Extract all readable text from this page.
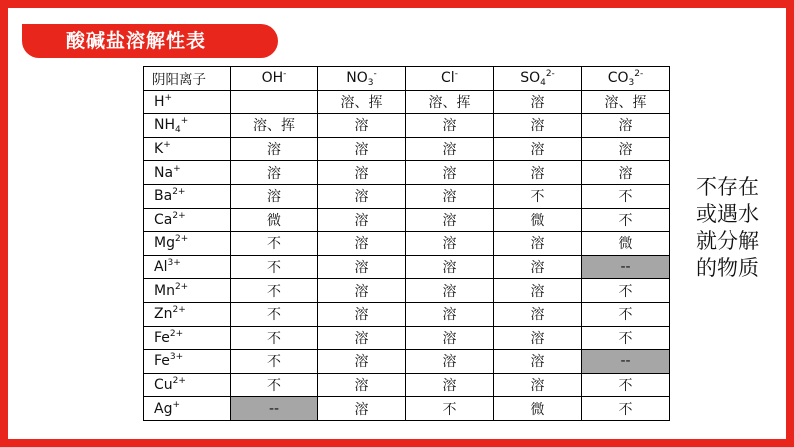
酸碱盐溶解性表
阴阳离子	OH-	$NO_3^-$	Cl-	$SO_4^{2-}$	$CO_3^{2-}$
H+		溶、挥	溶、挥	溶	溶、挥
$NH_4^+$	溶、挥	溶	溶	溶	溶
K+	溶	溶	溶	溶	溶
Na+	溶	溶	溶	溶	溶
$Ba^{2+}$	溶	溶	溶	不	不
$Ca^{2+}$	微	溶	溶	微	不
$Mg^{2+}$	不	溶	溶	溶	微
$Al^{3+}$	不	溶	溶	溶	--
$Mn^{2+}$	不	溶	溶	溶	不
$Zn^{2+}$	不	溶	溶	溶	不
$Fe^{2+}$	不	溶	溶	溶	不
$Fe^{3+}$	不	溶	溶	溶	--
$Cu^{2+}$	不	溶	溶	溶	不
Ag+	--	溶	不	微	不
不存在或遇水就分解的物质
